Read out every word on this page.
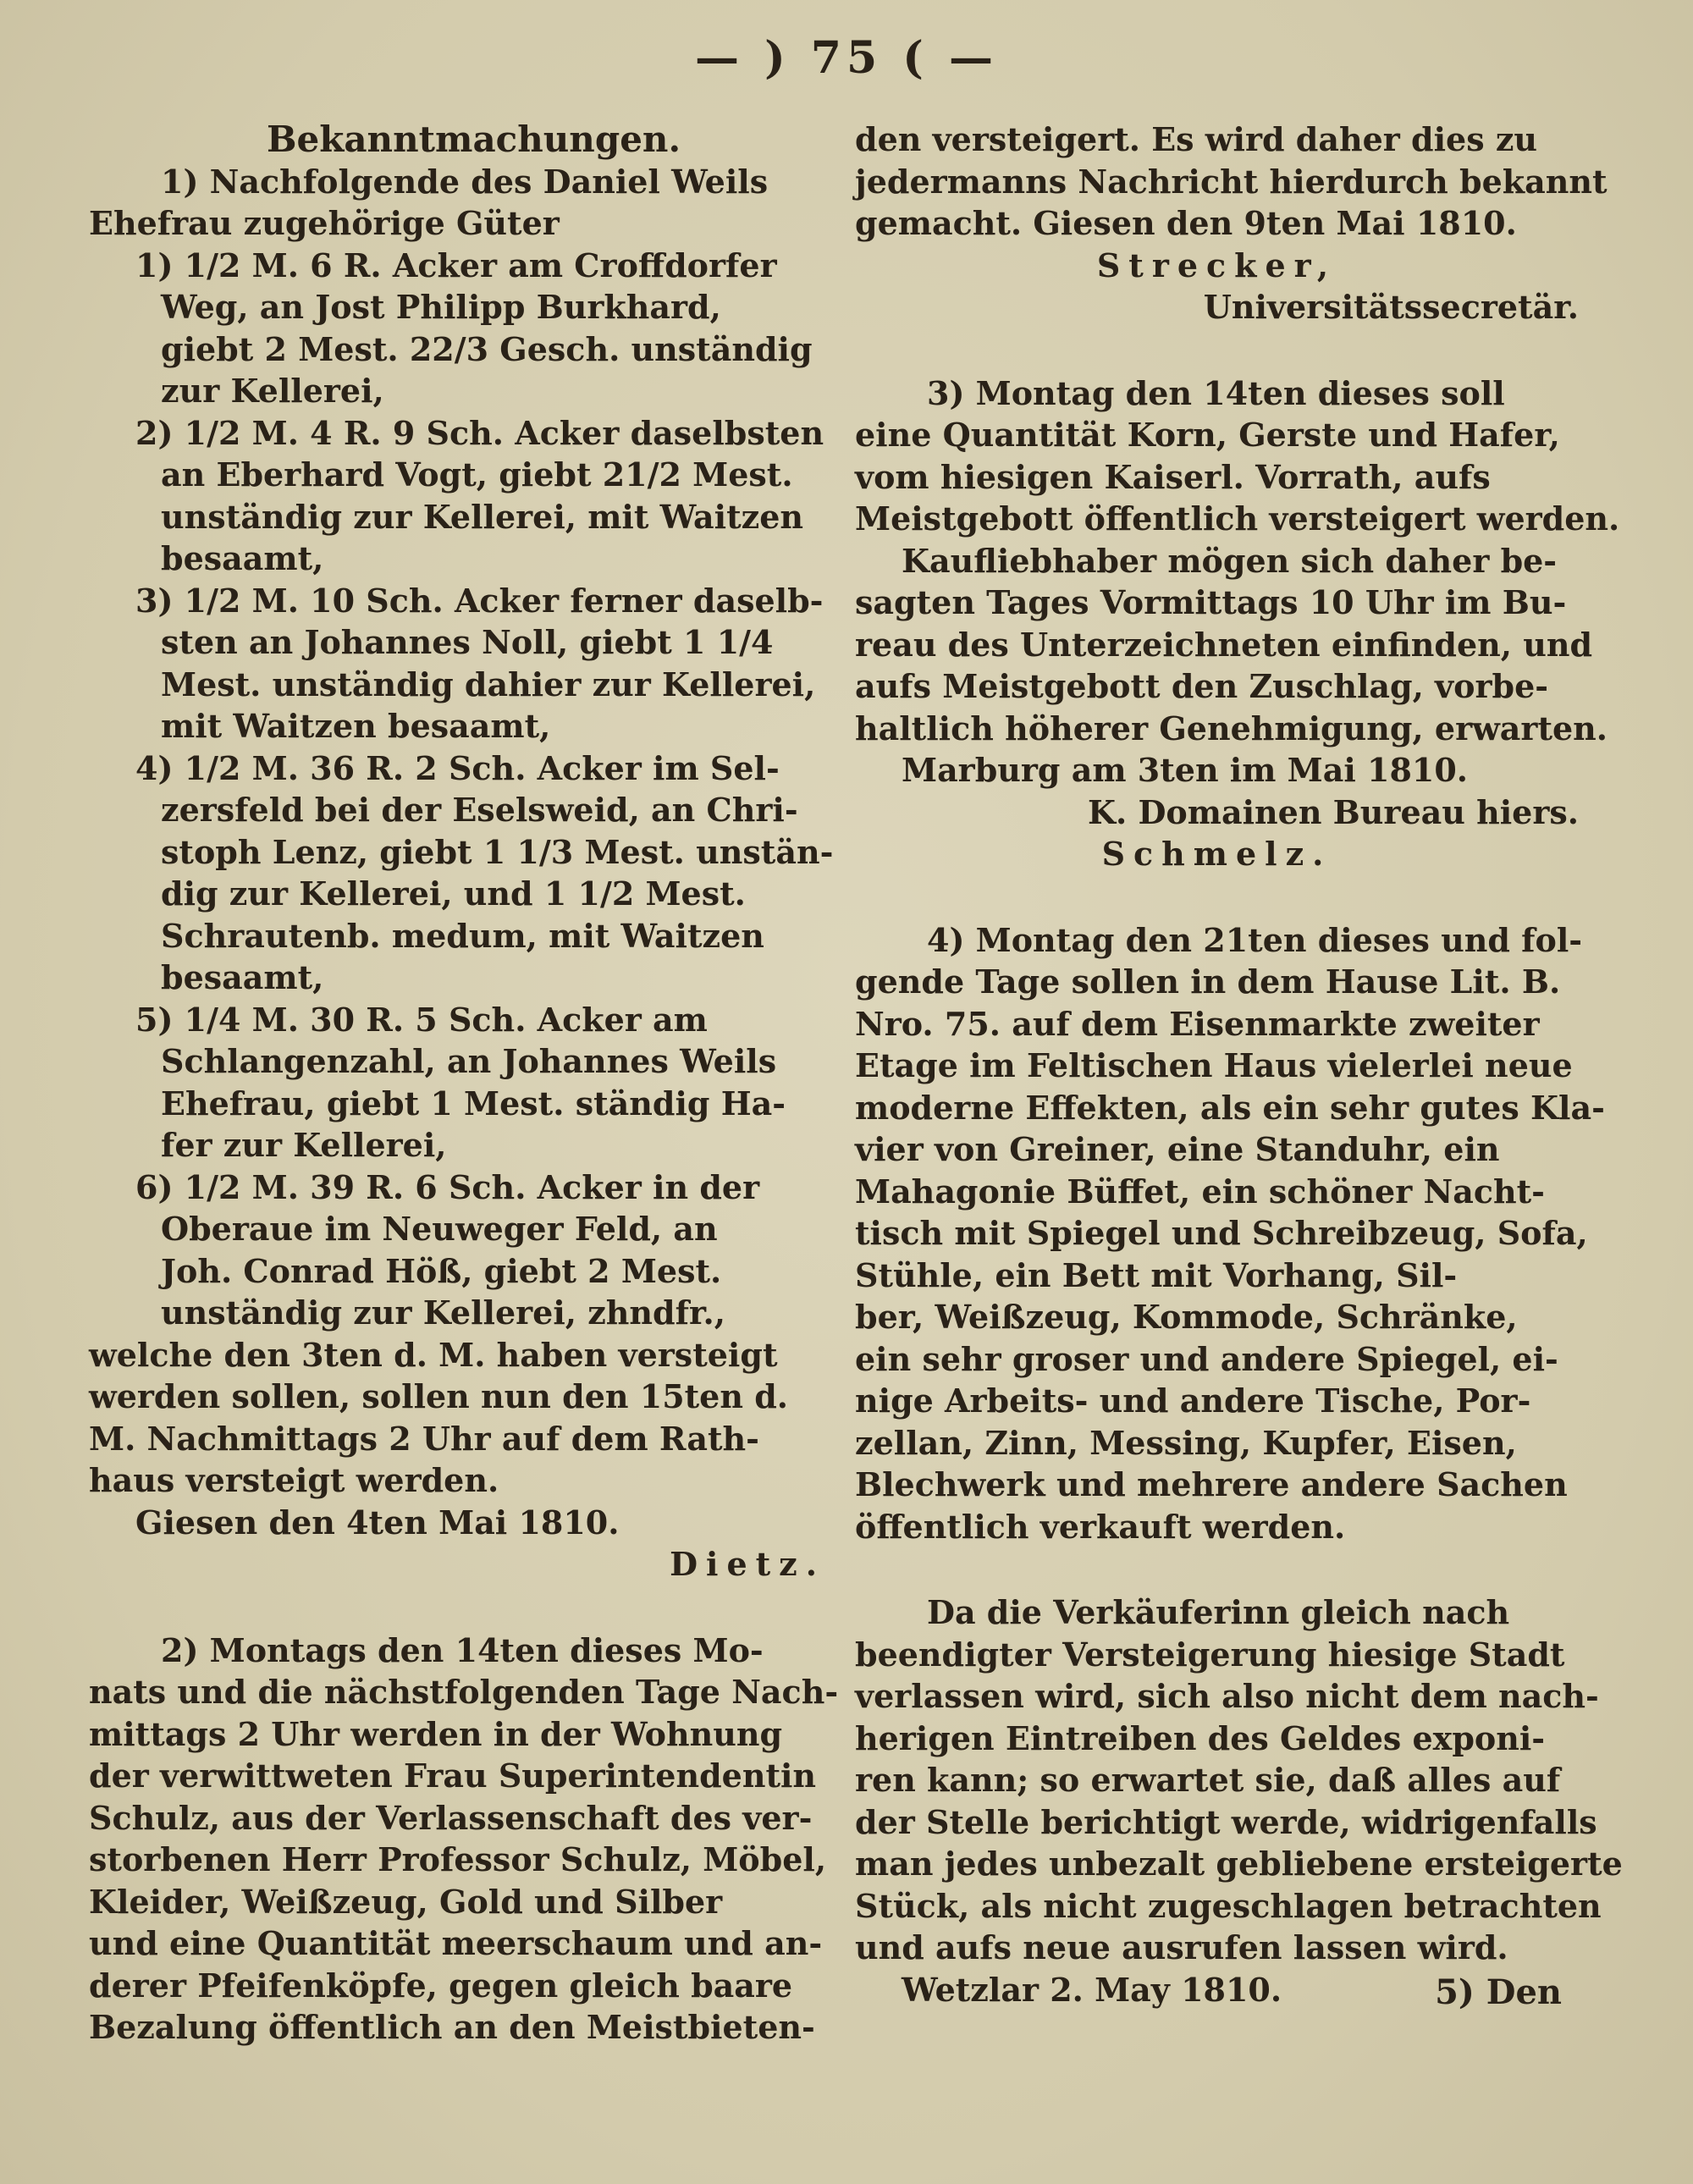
— ) 75 ( —
Bekanntmachungen.
1) Nachfolgende des Daniel Weils
Ehefrau zugehörige Güter
1) 1/2 M. 6 R. Acker am Croffdorfer
Weg, an Jost Philipp Burkhard,
giebt 2 Mest. 22/3 Gesch. unständig
zur Kellerei,
2) 1/2 M. 4 R. 9 Sch. Acker daselbsten
an Eberhard Vogt, giebt 21/2 Mest.
unständig zur Kellerei, mit Waitzen
besaamt,
3) 1/2 M. 10 Sch. Acker ferner daselb-
sten an Johannes Noll, giebt 1 1/4
Mest. unständig dahier zur Kellerei,
mit Waitzen besaamt,
4) 1/2 M. 36 R. 2 Sch. Acker im Sel-
zersfeld bei der Eselsweid, an Chri-
stoph Lenz, giebt 1 1/3 Mest. unstän-
dig zur Kellerei, und 1 1/2 Mest.
Schrautenb. medum, mit Waitzen
besaamt,
5) 1/4 M. 30 R. 5 Sch. Acker am
Schlangenzahl, an Johannes Weils
Ehefrau, giebt 1 Mest. ständig Ha-
fer zur Kellerei,
6) 1/2 M. 39 R. 6 Sch. Acker in der
Oberaue im Neuweger Feld, an
Joh. Conrad Höß, giebt 2 Mest.
unständig zur Kellerei, zhndfr.,
welche den 3ten d. M. haben versteigt
werden sollen, sollen nun den 15ten d.
M. Nachmittags 2 Uhr auf dem Rath-
haus versteigt werden.
Giesen den 4ten Mai 1810.
Dietz.
2) Montags den 14ten dieses Mo-
nats und die nächstfolgenden Tage Nach-
mittags 2 Uhr werden in der Wohnung
der verwittweten Frau Superintendentin
Schulz, aus der Verlassenschaft des ver-
storbenen Herr Professor Schulz, Möbel,
Kleider, Weißzeug, Gold und Silber
und eine Quantität meerschaum und an-
derer Pfeifenköpfe, gegen gleich baare
Bezalung öffentlich an den Meistbieten-
den versteigert. Es wird daher dies zu
jedermanns Nachricht hierdurch bekannt
gemacht. Giesen den 9ten Mai 1810.
Strecker,
Universitätssecretär.
3) Montag den 14ten dieses soll
eine Quantität Korn, Gerste und Hafer,
vom hiesigen Kaiserl. Vorrath, aufs
Meistgebott öffentlich versteigert werden.
Kaufliebhaber mögen sich daher be-
sagten Tages Vormittags 10 Uhr im Bu-
reau des Unterzeichneten einfinden, und
aufs Meistgebott den Zuschlag, vorbe-
haltlich höherer Genehmigung, erwarten.
Marburg am 3ten im Mai 1810.
K. Domainen Bureau hiers.
Schmelz.
4) Montag den 21ten dieses und fol-
gende Tage sollen in dem Hause Lit. B.
Nro. 75. auf dem Eisenmarkte zweiter
Etage im Feltischen Haus vielerlei neue
moderne Effekten, als ein sehr gutes Kla-
vier von Greiner, eine Standuhr, ein
Mahagonie Büffet, ein schöner Nacht-
tisch mit Spiegel und Schreibzeug, Sofa,
Stühle, ein Bett mit Vorhang, Sil-
ber, Weißzeug, Kommode, Schränke,
ein sehr groser und andere Spiegel, ei-
nige Arbeits- und andere Tische, Por-
zellan, Zinn, Messing, Kupfer, Eisen,
Blechwerk und mehrere andere Sachen
öffentlich verkauft werden.
Da die Verkäuferinn gleich nach
beendigter Versteigerung hiesige Stadt
verlassen wird, sich also nicht dem nach-
herigen Eintreiben des Geldes exponi-
ren kann; so erwartet sie, daß alles auf
der Stelle berichtigt werde, widrigenfalls
man jedes unbezalt gebliebene ersteigerte
Stück, als nicht zugeschlagen betrachten
und aufs neue ausrufen lassen wird.
Wetzlar 2. May 1810.	5) Den
